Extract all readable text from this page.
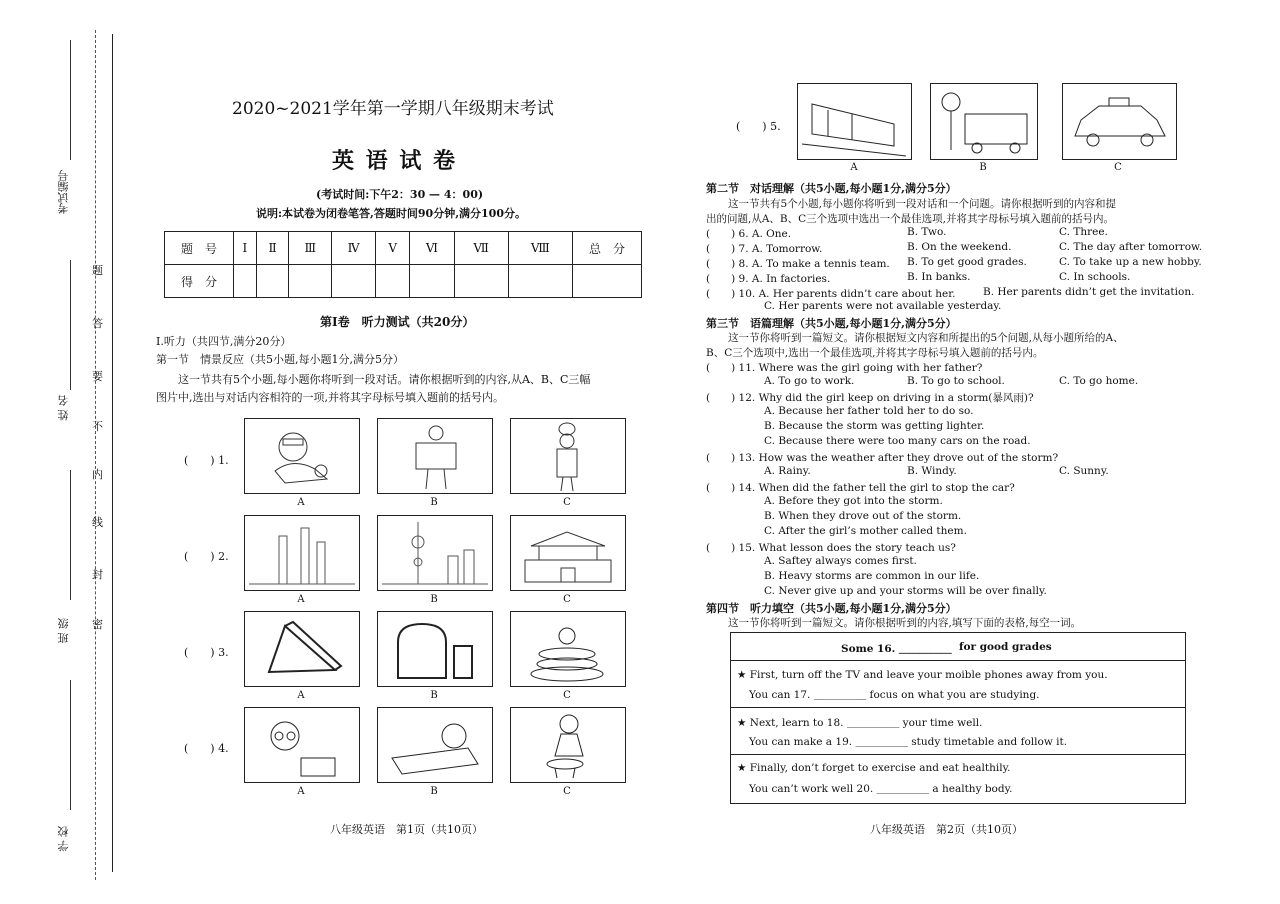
考试编号
姓 名
班 级
学 校
题
答
要
不
内
线
封
密
2020~2021学年第一学期八年级期末考试
英 语 试 卷
(考试时间:下午2：30 — 4：00)
说明:本试卷为闭卷笔答,答题时间90分钟,满分100分。
题　号	Ⅰ	Ⅱ	Ⅲ	Ⅳ	Ⅴ	Ⅵ	Ⅶ	Ⅷ	总　分
得　分									
第Ⅰ卷　听力测试（共20分）
Ⅰ.听力（共四节,满分20分）
第一节　情景反应（共5小题,每小题1分,满分5分）
这一节共有5个小题,每小题你将听到一段对话。请你根据听到的内容,从A、B、C三幅
图片中,选出与对话内容相符的一项,并将其字母标号填入题前的括号内。
(　　) 1.
A	B	C
(　　) 2.
A	B	C
(　　) 3.
A	B	C
(　　) 4.
A	B	C
八年级英语　第1页（共10页）
(　　) 5.
A	B	C
第二节　对话理解（共5小题,每小题1分,满分5分）
这一节共有5个小题,每小题你将听到一段对话和一个问题。请你根据听到的内容和提
出的问题,从A、B、C三个选项中选出一个最佳选项,并将其字母标号填入题前的括号内。
(　　) 6. A. One.	B. Two.	C. Three.
(　　) 7. A. Tomorrow.	B. On the weekend.	C. The day after tomorrow.
(　　) 8. A. To make a tennis team. B. To get good grades.	C. To take up a new hobby.
(　　) 9. A. In factories.	B. In banks.	C. In schools.
(　　) 10. A. Her parents didn’t care about her.	B. Her parents didn’t get the invitation.
C. Her parents were not available yesterday.
第三节　语篇理解（共5小题,每小题1分,满分5分）
这一节你将听到一篇短文。请你根据短文内容和所提出的5个问题,从每小题所给的A、
B、C三个选项中,选出一个最佳选项,并将其字母标号填入题前的括号内。
(　　) 11. Where was the girl going with her father?
A. To go to work.	B. To go to school.	C. To go home.
(　　) 12. Why did the girl keep on driving in a storm(暴风雨)?
A. Because her father told her to do so.
B. Because the storm was getting lighter.
C. Because there were too many cars on the road.
(　　) 13. How was the weather after they drove out of the storm?
A. Rainy.	B. Windy.	C. Sunny.
(　　) 14. When did the father tell the girl to stop the car?
A. Before they got into the storm.
B. When they drove out of the storm.
C. After the girl’s mother called them.
(　　) 15. What lesson does the story teach us?
A. Saftey always comes first.
B. Heavy storms are common in our life.
C. Never give up and your storms will be over finally.
第四节　听力填空（共5小题,每小题1分,满分5分）
这一节你将听到一篇短文。请你根据听到的内容,填写下面的表格,每空一词。
Some 16. ＿＿＿＿＿ for good grades
★ First, turn off the TV and leave your moible phones away from you.
You can 17. ＿＿＿＿＿ focus on what you are studying.
★ Next, learn to 18. ＿＿＿＿＿ your time well.
You can make a 19. ＿＿＿＿＿ study timetable and follow it.
★ Finally, don’t forget to exercise and eat healthily.
You can’t work well 20. ＿＿＿＿＿ a healthy body.
八年级英语　第2页（共10页）
